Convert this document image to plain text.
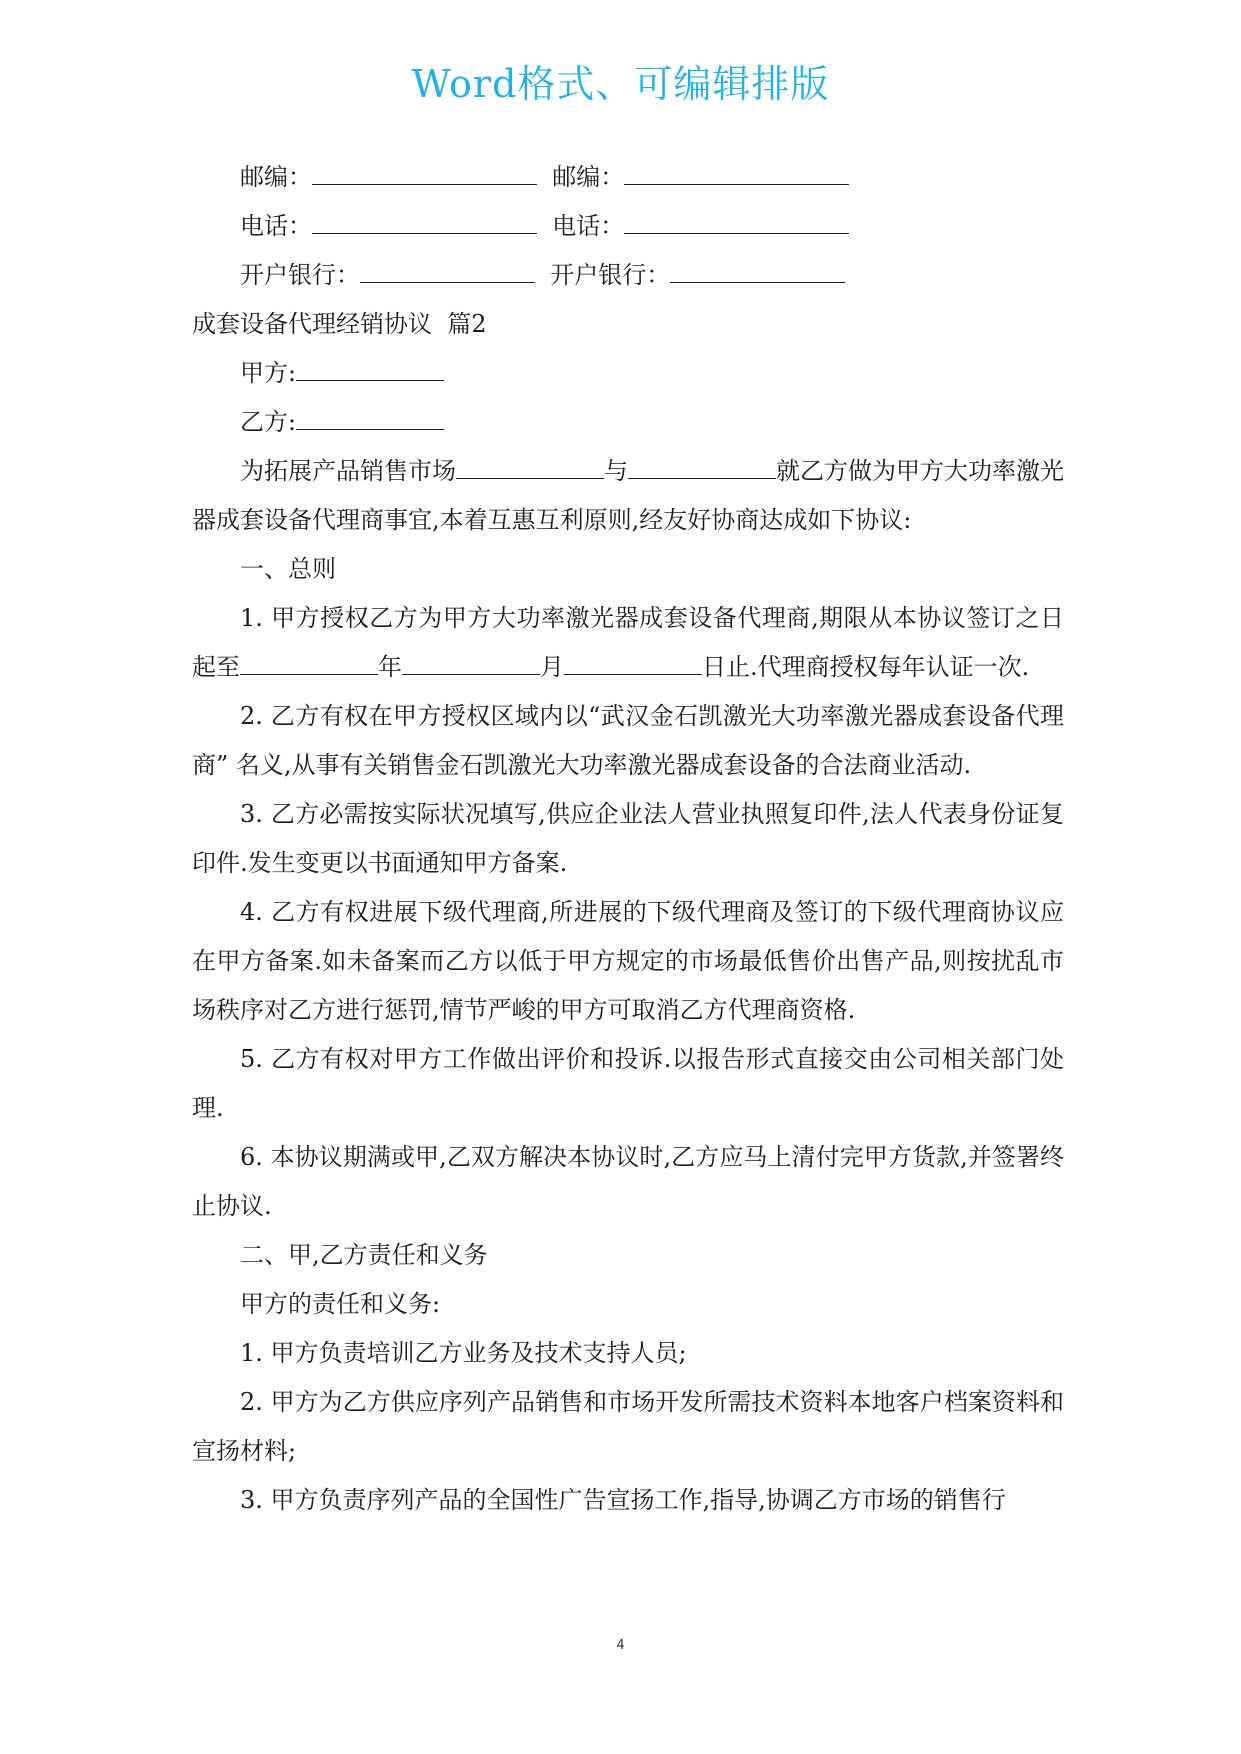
Word格式、可编辑排版
邮编：	邮编：
电话：	电话：
开户银行：	开户银行：
成套设备代理经销协议  篇2
甲方:
乙方:
为拓展产品销售市场	与	就乙方做为甲方大功率激光器成套设备代理商事宜,本着互惠互利原则,经友好协商达成如下协议:
一、总则
1. 甲方授权乙方为甲方大功率激光器成套设备代理商,期限从本协议签订之日起至	年	月	日止.代理商授权每年认证一次.
2. 乙方有权在甲方授权区域内以“武汉金石凯激光大功率激光器成套设备代理商” 名义,从事有关销售金石凯激光大功率激光器成套设备的合法商业活动.
3. 乙方必需按实际状况填写,供应企业法人营业执照复印件,法人代表身份证复印件.发生变更以书面通知甲方备案.
4. 乙方有权进展下级代理商,所进展的下级代理商及签订的下级代理商协议应在甲方备案.如未备案而乙方以低于甲方规定的市场最低售价出售产品,则按扰乱市场秩序对乙方进行惩罚,情节严峻的甲方可取消乙方代理商资格.
5. 乙方有权对甲方工作做出评价和投诉.以报告形式直接交由公司相关部门处理.
6. 本协议期满或甲,乙双方解决本协议时,乙方应马上清付完甲方货款,并签署终止协议.
二、甲,乙方责任和义务
甲方的责任和义务:
1. 甲方负责培训乙方业务及技术支持人员;
2. 甲方为乙方供应序列产品销售和市场开发所需技术资料本地客户档案资料和宣扬材料;
3. 甲方负责序列产品的全国性广告宣扬工作,指导,协调乙方市场的销售行
4
